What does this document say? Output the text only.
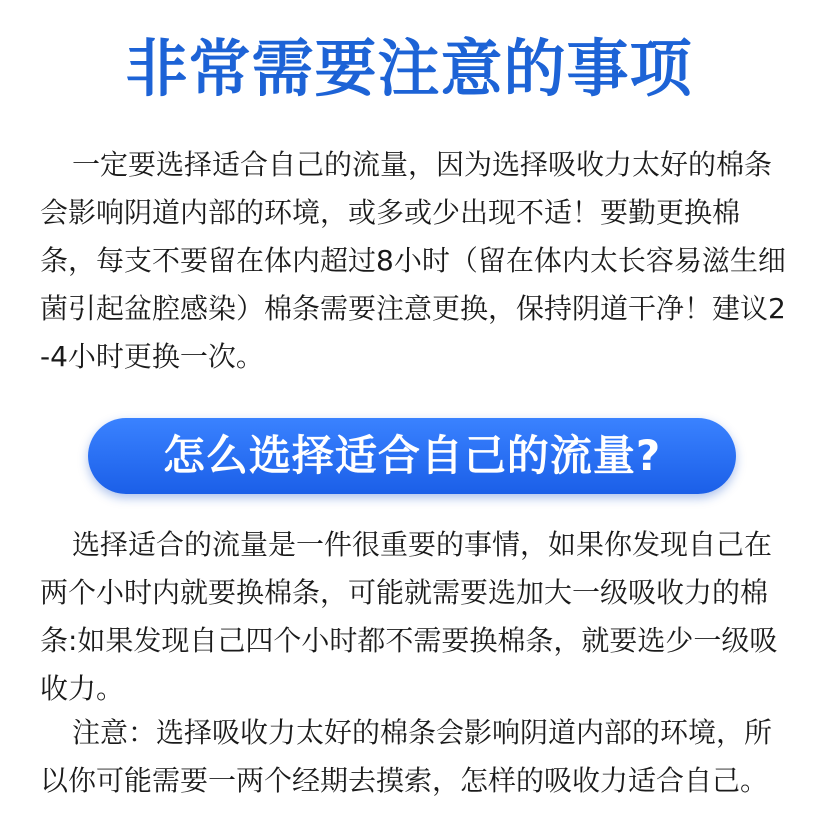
非常需要注意的事项

一定要选择适合自己的流量，因为选择吸收力太好的棉条会影响阴道内部的环境，或多或少出现不适！要勤更换棉条，每支不要留在体内超过8小时（留在体内太长容易滋生细菌引起盆腔感染）棉条需要注意更换，保持阴道干净！建议2-4小时更换一次。

怎么选择适合自己的流量?

选择适合的流量是一件很重要的事情，如果你发现自己在两个小时内就要换棉条，可能就需要选加大一级吸收力的棉条:如果发现自己四个小时都不需要换棉条，就要选少一级吸收力。

注意：选择吸收力太好的棉条会影响阴道内部的环境，所以你可能需要一两个经期去摸索，怎样的吸收力适合自己。
